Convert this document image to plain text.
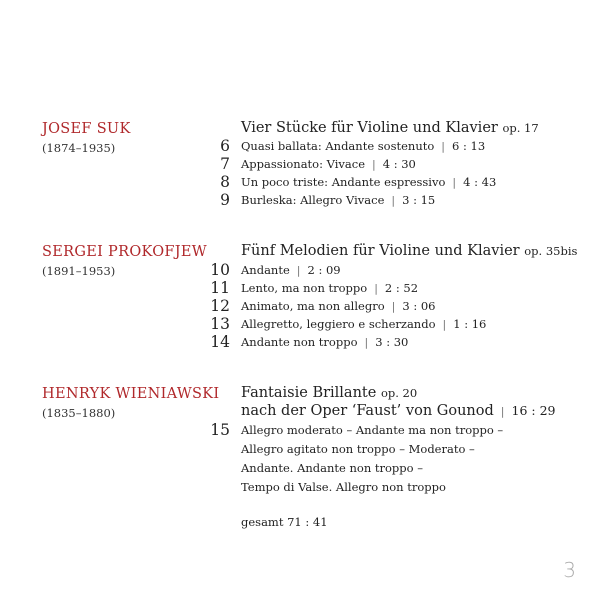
JOSEF SUK
(1874–1935)
Vier Stücke für Violine und Klavier op. 17
6 Quasi ballata: Andante sostenuto | 6 : 13
7 Appassionato: Vivace | 4 : 30
8 Un poco triste: Andante espressivo | 4 : 43
9 Burleska: Allegro Vivace | 3 : 15
SERGEI PROKOFJEW
(1891–1953)
Fünf Melodien für Violine und Klavier op. 35bis
10 Andante | 2 : 09
11 Lento, ma non troppo | 2 : 52
12 Animato, ma non allegro | 3 : 06
13 Allegretto, leggiero e scherzando | 1 : 16
14 Andante non troppo | 3 : 30
HENRYK WIENIAWSKI
(1835–1880)
Fantaisie Brillante op. 20
nach der Oper ‘Faust’ von Gounod | 16 : 29
15 Allegro moderato – Andante ma non troppo –
Allegro agitato non troppo – Moderato –
Andante. Andante non troppo –
Tempo di Valse. Allegro non troppo
gesamt 71 : 41
3
